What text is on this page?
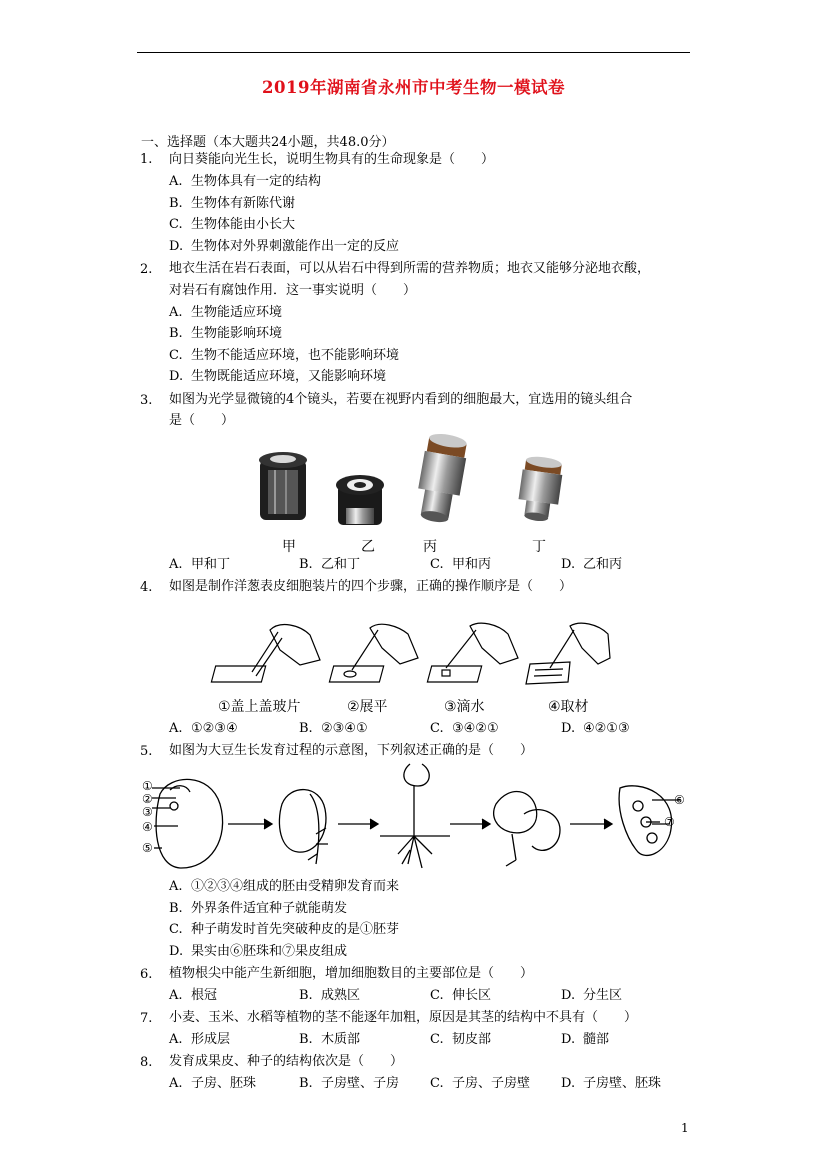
2019年湖南省永州市中考生物一模试卷
一、选择题（本大题共24小题，共48.0分）
1. 向日葵能向光生长，说明生物具有的生命现象是（　　）
A. 生物体具有一定的结构
B. 生物体有新陈代谢
C. 生物体能由小长大
D. 生物体对外界刺激能作出一定的反应
2. 地衣生活在岩石表面，可以从岩石中得到所需的营养物质；地衣又能够分泌地衣酸，
对岩石有腐蚀作用．这一事实说明（　　）
A. 生物能适应环境
B. 生物能影响环境
C. 生物不能适应环境，也不能影响环境
D. 生物既能适应环境，又能影响环境
3. 如图为光学显微镜的4个镜头，若要在视野内看到的细胞最大，宜选用的镜头组合
是（　　）
甲	乙	丙	丁
A. 甲和丁	B. 乙和丁	C. 甲和丙	D. 乙和丙
4. 如图是制作洋葱表皮细胞装片的四个步骤，正确的操作顺序是（　　）
①盖上盖玻片	②展平	③滴水	④取材
A. ①②③④	B. ②③④①	C. ③④②①	D. ④②①③
5. 如图为大豆生长发育过程的示意图，下列叙述正确的是（　　）
①
②
③
④
⑤
⑥
⑦
A. ①②③④组成的胚由受精卵发育而来
B. 外界条件适宜种子就能萌发
C. 种子萌发时首先突破种皮的是①胚芽
D. 果实由⑥胚珠和⑦果皮组成
6. 植物根尖中能产生新细胞，增加细胞数目的主要部位是（　　）
A. 根冠	B. 成熟区	C. 伸长区	D. 分生区
7. 小麦、玉米、水稻等植物的茎不能逐年加粗，原因是其茎的结构中不具有（　　）
A. 形成层	B. 木质部	C. 韧皮部	D. 髓部
8. 发育成果皮、种子的结构依次是（　　）
A. 子房、胚珠	B. 子房壁、子房 C. 子房、子房壁 D. 子房壁、胚珠
1
